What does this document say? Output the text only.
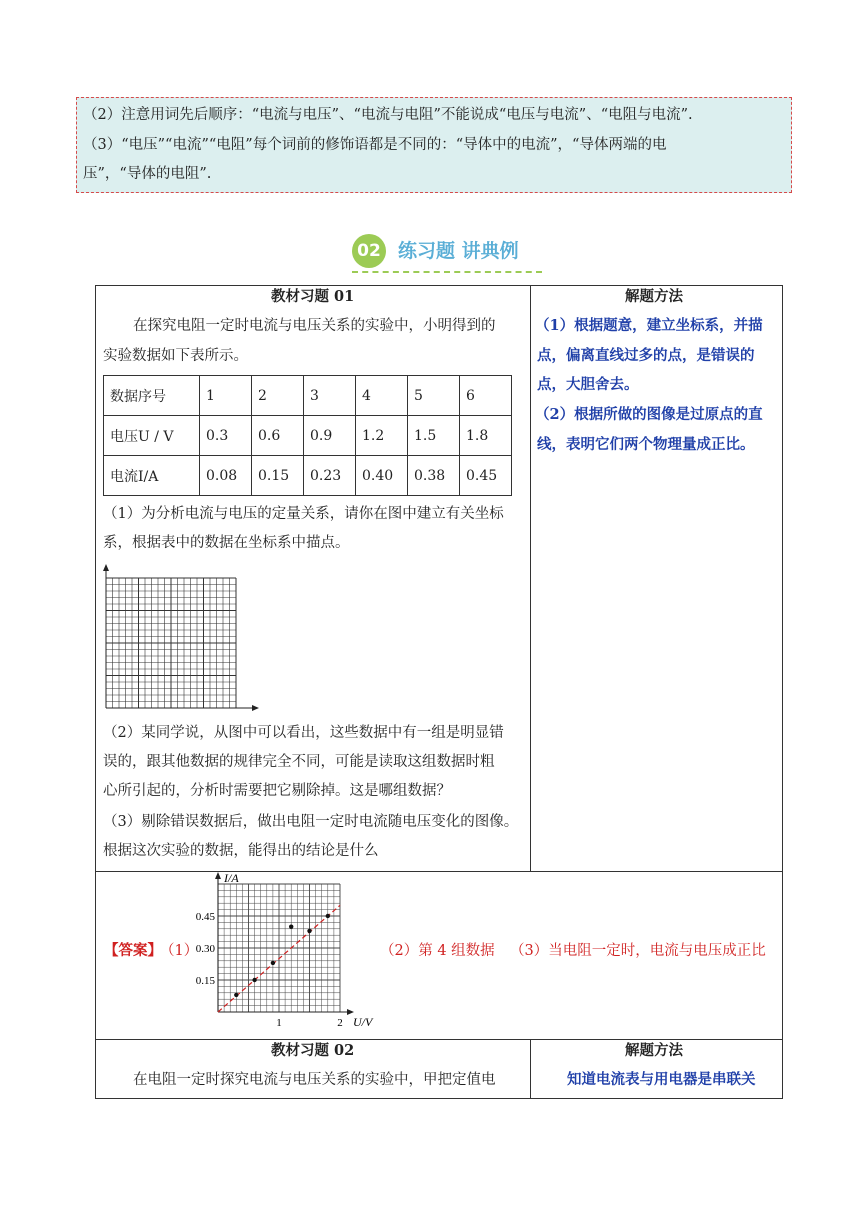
（2）注意用词先后顺序：“电流与电压”、“电流与电阻”不能说成“电压与电流”、“电阻与电流”.
（3）“电压”“电流”“电阻”每个词前的修饰语都是不同的：“导体中的电流”，“导体两端的电
压”，“导体的电阻”.
02 练习题 讲典例
教材习题 01
在探究电阻一定时电流与电压关系的实验中，小明得到的
实验数据如下表所示。
数据序号	1	2	3	4	5	6
电压U / V	0.3	0.6	0.9	1.2	1.5	1.8
电流I/A	0.08	0.15	0.23	0.40	0.38	0.45
（1）为分析电流与电压的定量关系，请你在图中建立有关坐标
系，根据表中的数据在坐标系中描点。
（2）某同学说，从图中可以看出，这些数据中有一组是明显错
误的，跟其他数据的规律完全不同，可能是读取这组数据时粗
心所引起的，分析时需要把它剔除掉。这是哪组数据？
（3）剔除错误数据后，做出电阻一定时电流随电压变化的图像。
根据这次实验的数据，能得出的结论是什么
解题方法
（1）根据题意，建立坐标系，并描
点，偏离直线过多的点，是错误的
点，大胆舍去。
（2）根据所做的图像是过原点的直
线，表明它们两个物理量成正比。
【答案】
（1）	（2）第 4 组数据 （3）当电阻一定时，电流与电压成正比
0.15
0.30
0.45
1	2
I/A
U/V
教材习题 02
在电阻一定时探究电流与电压关系的实验中，甲把定值电
解题方法
知道电流表与用电器是串联关
